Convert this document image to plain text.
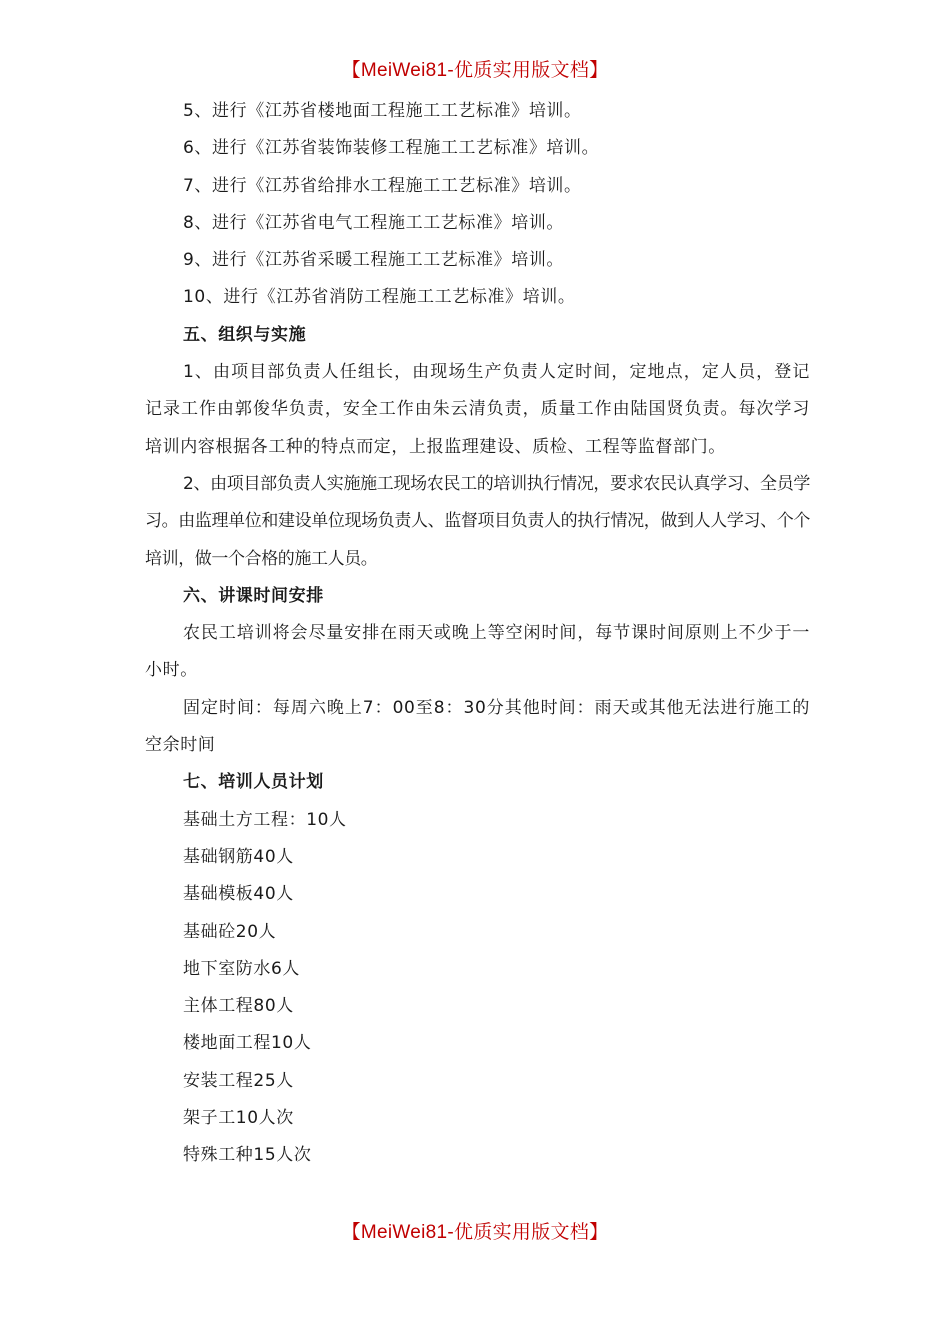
【MeiWei81-优质实用版文档】

5、进行《江苏省楼地面工程施工工艺标准》培训。

6、进行《江苏省装饰装修工程施工工艺标准》培训。

7、进行《江苏省给排水工程施工工艺标准》培训。

8、进行《江苏省电气工程施工工艺标准》培训。

9、进行《江苏省采暖工程施工工艺标准》培训。

10、进行《江苏省消防工程施工工艺标准》培训。

五、组织与实施

1、由项目部负责人任组长，由现场生产负责人定时间，定地点，定人员，登记记录工作由郭俊华负责，安全工作由朱云清负责，质量工作由陆国贤负责。每次学习培训内容根据各工种的特点而定，上报监理建设、质检、工程等监督部门。

2、由项目部负责人实施施工现场农民工的培训执行情况，要求农民认真学习、全员学习。由监理单位和建设单位现场负责人、监督项目负责人的执行情况，做到人人学习、个个培训，做一个合格的施工人员。

六、讲课时间安排

农民工培训将会尽量安排在雨天或晚上等空闲时间，每节课时间原则上不少于一小时。

固定时间：每周六晚上7：00至8：30分其他时间：雨天或其他无法进行施工的空余时间

七、培训人员计划

基础土方工程：10人

基础钢筋40人

基础模板40人

基础砼20人

地下室防水6人

主体工程80人

楼地面工程10人

安装工程25人

架子工10人次

特殊工种15人次

【MeiWei81-优质实用版文档】
